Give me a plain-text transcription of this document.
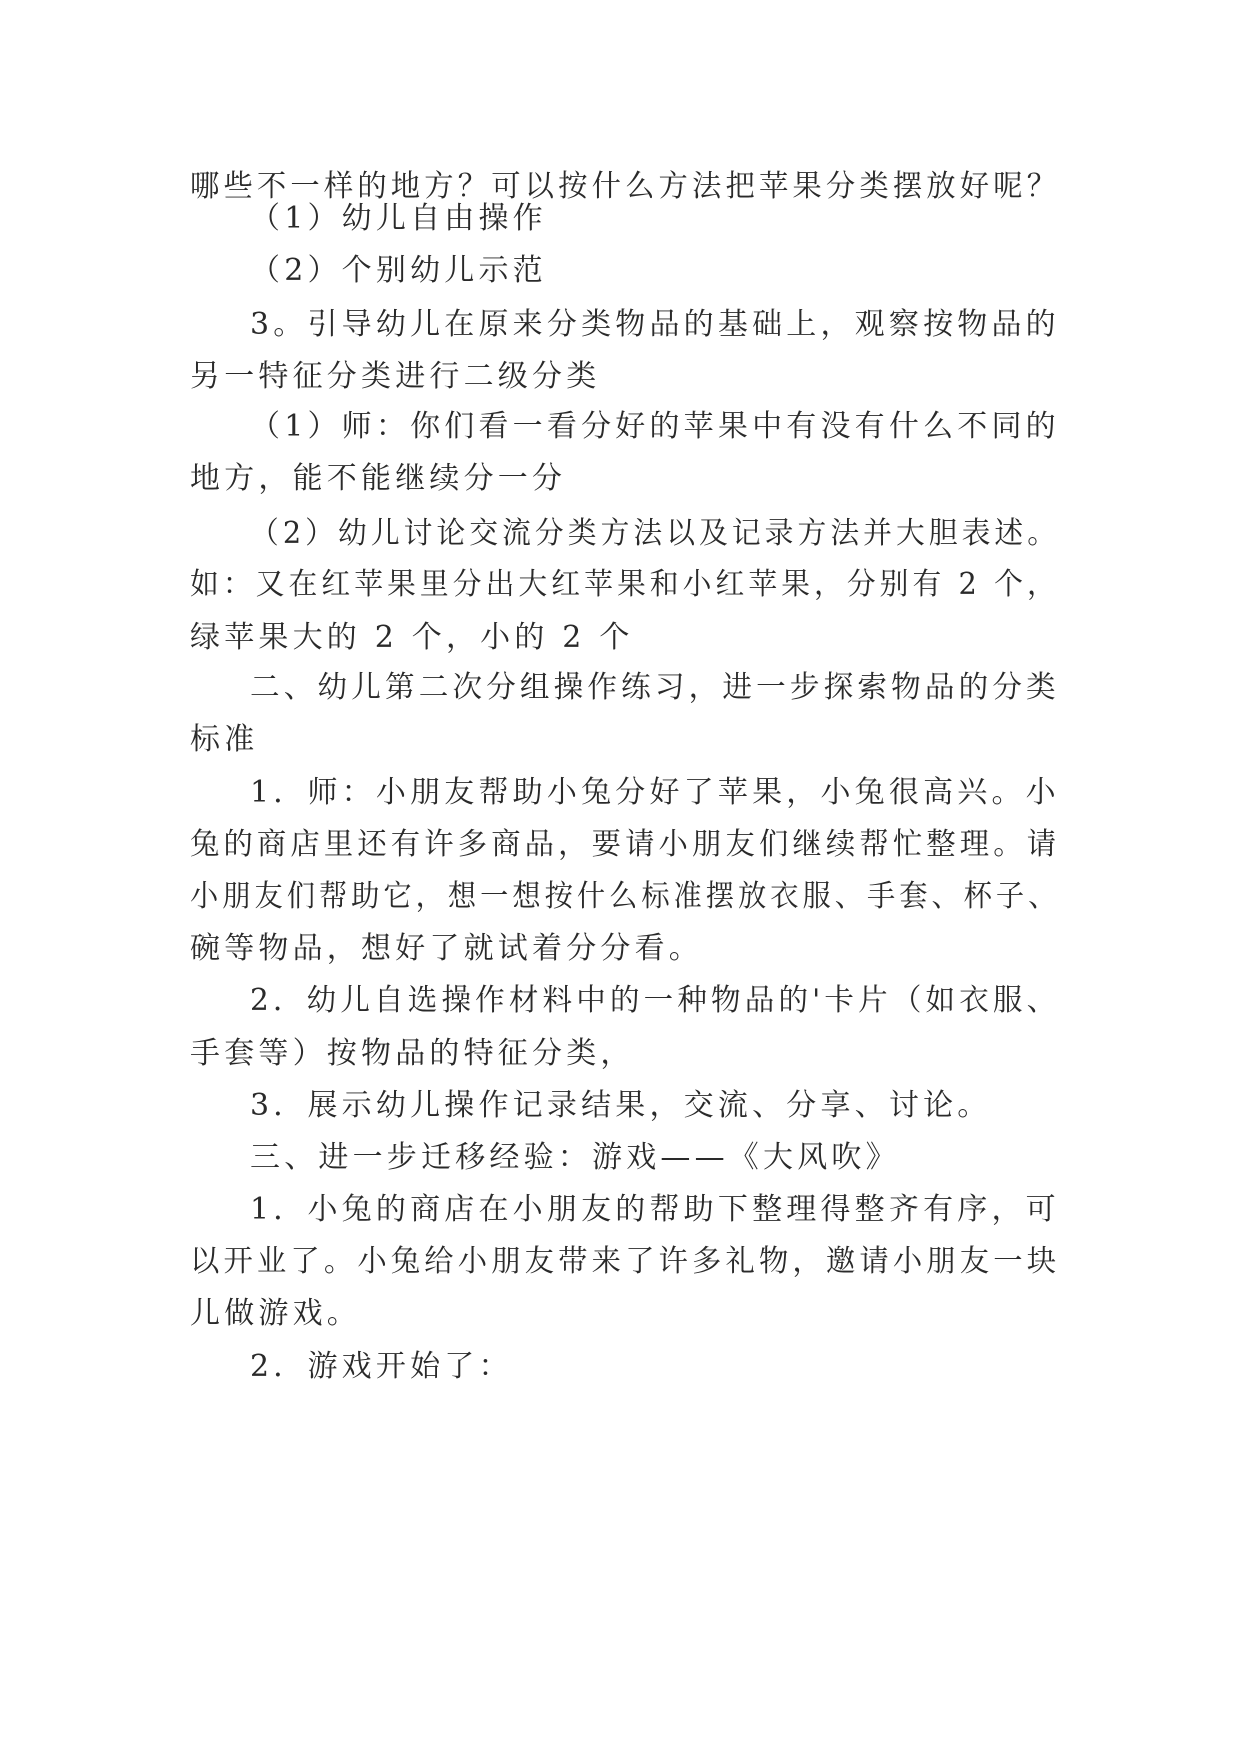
哪些不一样的地方？可以按什么方法把苹果分类摆放好呢？
（1）幼儿自由操作
（2）个别幼儿示范
3。引导幼儿在原来分类物品的基础上，观察按物品的
另一特征分类进行二级分类
（1）师：你们看一看分好的苹果中有没有什么不同的
地方，能不能继续分一分
（2）幼儿讨论交流分类方法以及记录方法并大胆表述。
如：又在红苹果里分出大红苹果和小红苹果，分别有 2 个，
绿苹果大的 2 个，小的 2 个
二、幼儿第二次分组操作练习，进一步探索物品的分类
标准
1．师：小朋友帮助小兔分好了苹果，小兔很高兴。小
兔的商店里还有许多商品，要请小朋友们继续帮忙整理。请
小朋友们帮助它，想一想按什么标准摆放衣服、手套、杯子、
碗等物品，想好了就试着分分看。
2．幼儿自选操作材料中的一种物品的'卡片（如衣服、
手套等）按物品的特征分类，
3．展示幼儿操作记录结果，交流、分享、讨论。
三、进一步迁移经验：游戏——《大风吹》
1．小兔的商店在小朋友的帮助下整理得整齐有序，可
以开业了。小兔给小朋友带来了许多礼物，邀请小朋友一块
儿做游戏。
2．游戏开始了：
